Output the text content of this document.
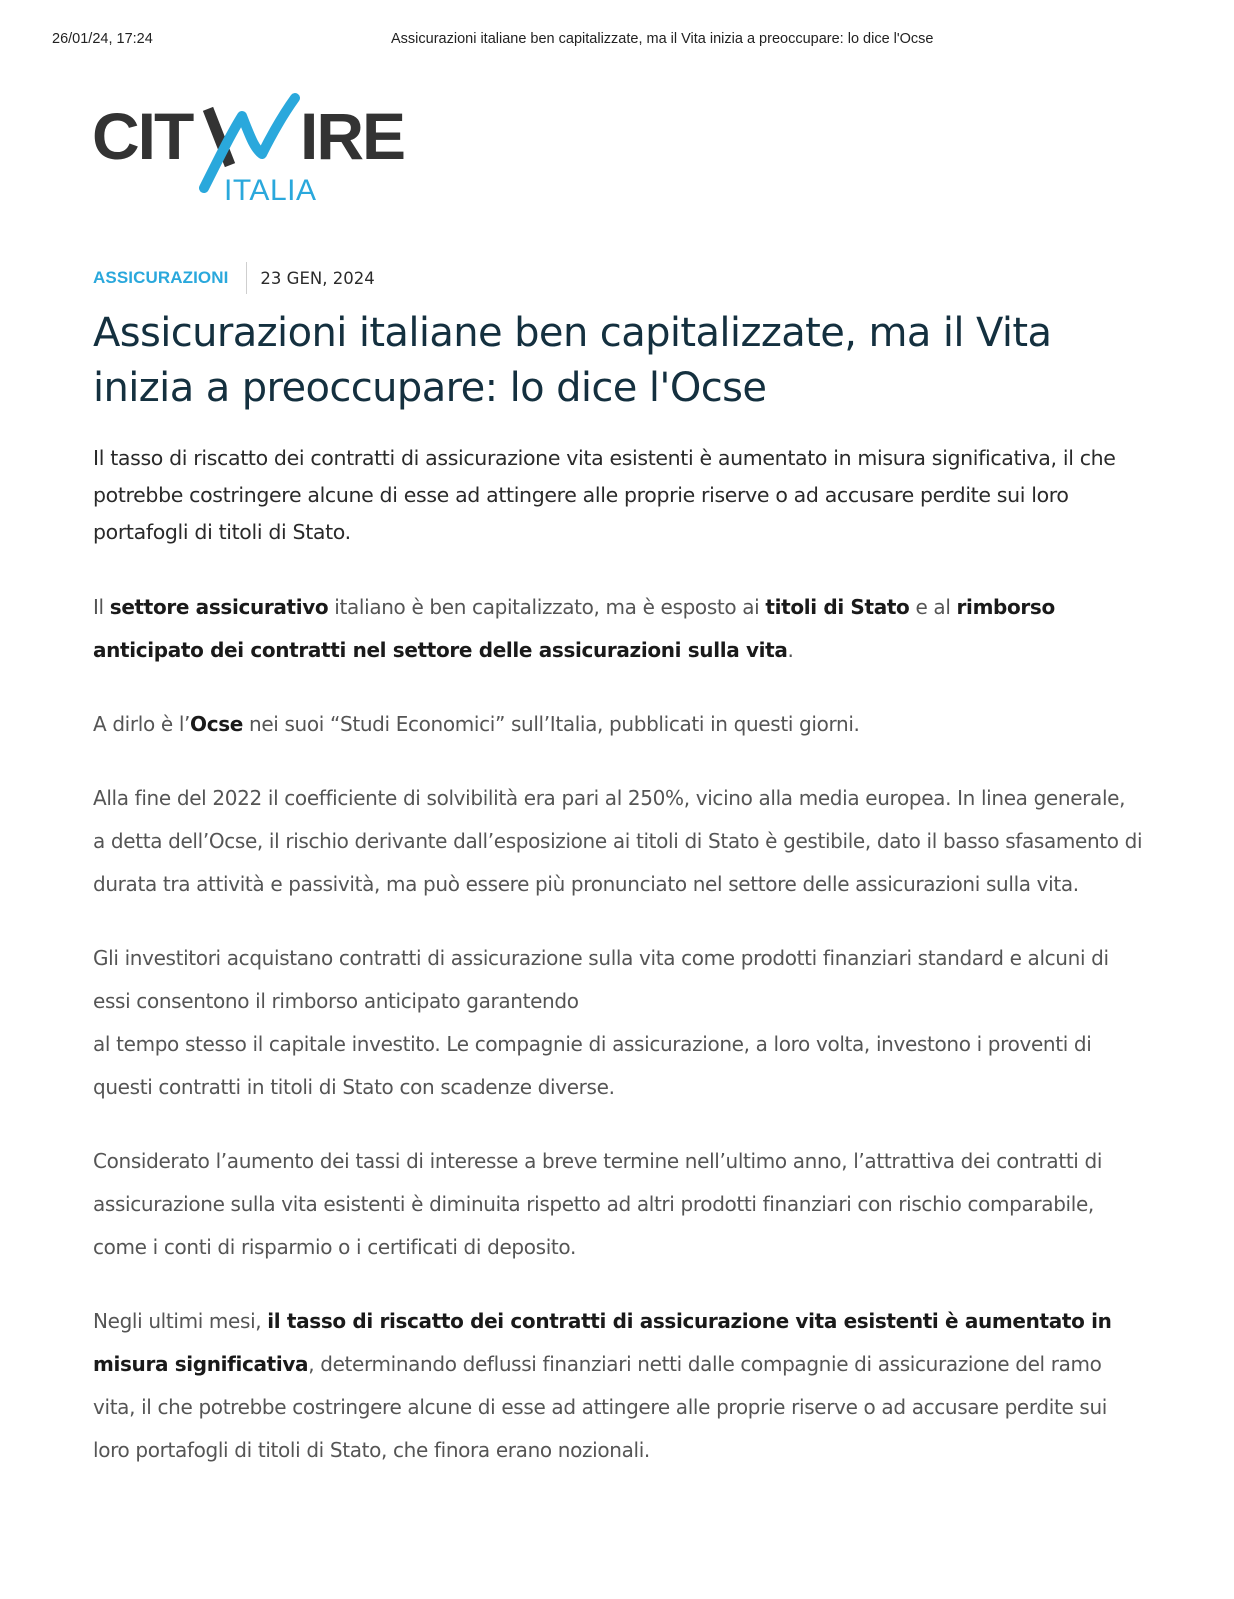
26/01/24, 17:24	Assicurazioni italiane ben capitalizzate, ma il Vita inizia a preoccupare: lo dice l'Ocse
CIT IRE
ITALIA
ASSICURAZIONI 23 GEN, 2024
Assicurazioni italiane ben capitalizzate, ma il Vita inizia a preoccupare: lo dice l'Ocse

Il tasso di riscatto dei contratti di assicurazione vita esistenti è aumentato in misura significativa, il che potrebbe costringere alcune di esse ad attingere alle proprie riserve o ad accusare perdite sui loro portafogli di titoli di Stato.

Il settore assicurativo italiano è ben capitalizzato, ma è esposto ai titoli di Stato e al rimborso anticipato dei contratti nel settore delle assicurazioni sulla vita.

A dirlo è l’Ocse nei suoi “Studi Economici” sull’Italia, pubblicati in questi giorni.

Alla fine del 2022 il coefficiente di solvibilità era pari al 250%, vicino alla media europea. In linea generale, a detta dell’Ocse, il rischio derivante dall’esposizione ai titoli di Stato è gestibile, dato il basso sfasamento di durata tra attività e passività, ma può essere più pronunciato nel settore delle assicurazioni sulla vita.

Gli investitori acquistano contratti di assicurazione sulla vita come prodotti finanziari standard e alcuni di essi consentono il rimborso anticipato garantendo
al tempo stesso il capitale investito. Le compagnie di assicurazione, a loro volta, investono i proventi di questi contratti in titoli di Stato con scadenze diverse.

Considerato l’aumento dei tassi di interesse a breve termine nell’ultimo anno, l’attrattiva dei contratti di assicurazione sulla vita esistenti è diminuita rispetto ad altri prodotti finanziari con rischio comparabile, come i conti di risparmio o i certificati di deposito.

Negli ultimi mesi, il tasso di riscatto dei contratti di assicurazione vita esistenti è aumentato in misura significativa, determinando deflussi finanziari netti dalle compagnie di assicurazione del ramo vita, il che potrebbe costringere alcune di esse ad attingere alle proprie riserve o ad accusare perdite sui loro portafogli di titoli di Stato, che finora erano nozionali.
